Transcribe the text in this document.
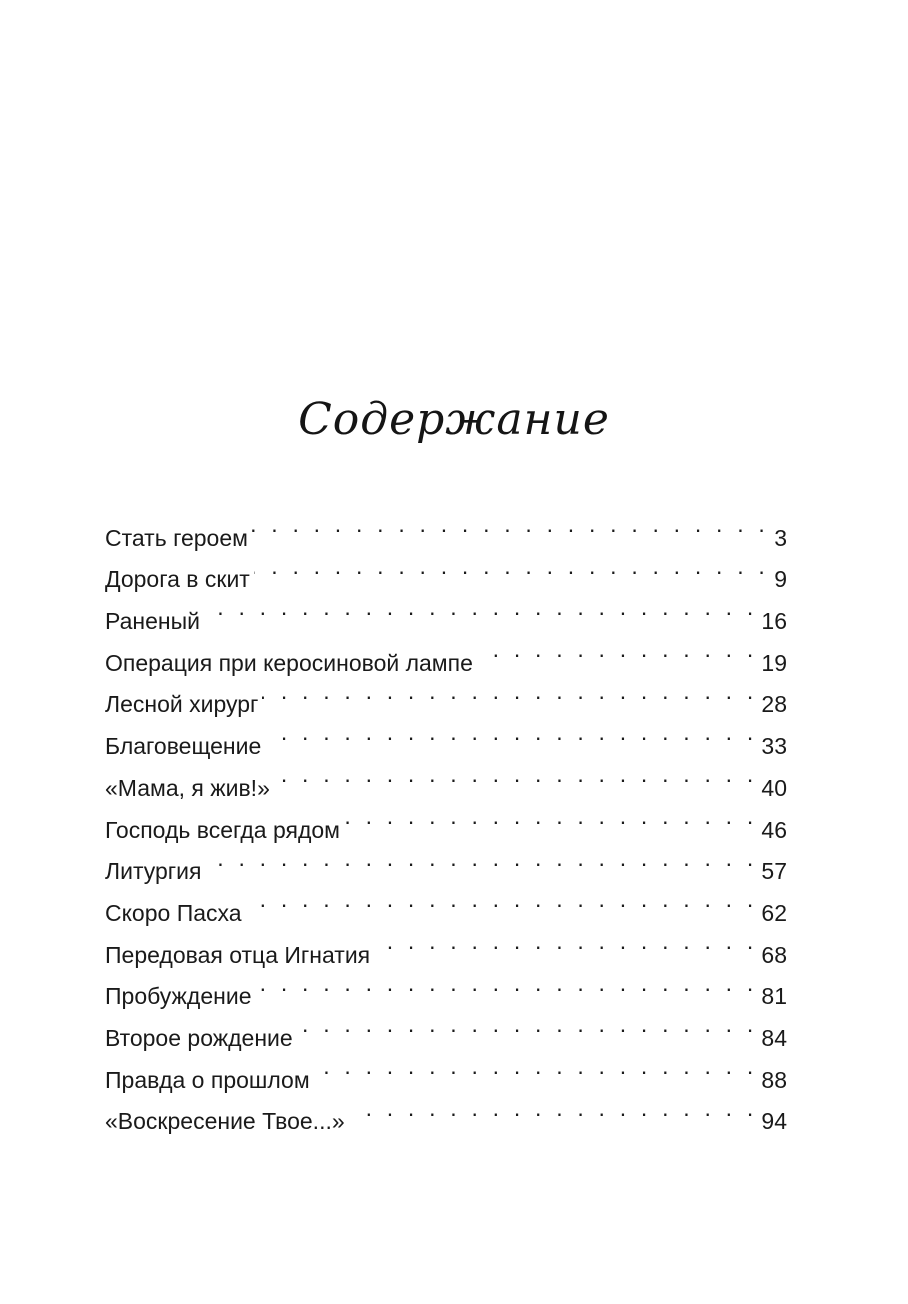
Содержание
Стать героем . . .	3
Дорога в скит . . .	9
Раненый . . .	16
Операция при керосиновой лампе . . .	19
Лесной хирург . . .	28
Благовещение . . .	33
«Мама, я жив!» . . .	40
Господь всегда рядом . . .	46
Литургия . . .	57
Скоро Пасха . . .	62
Передовая отца Игнатия . . .	68
Пробуждение . . .	81
Второе рождение . . .	84
Правда о прошлом . . .	88
«Воскресение Твое...» . . .	94
